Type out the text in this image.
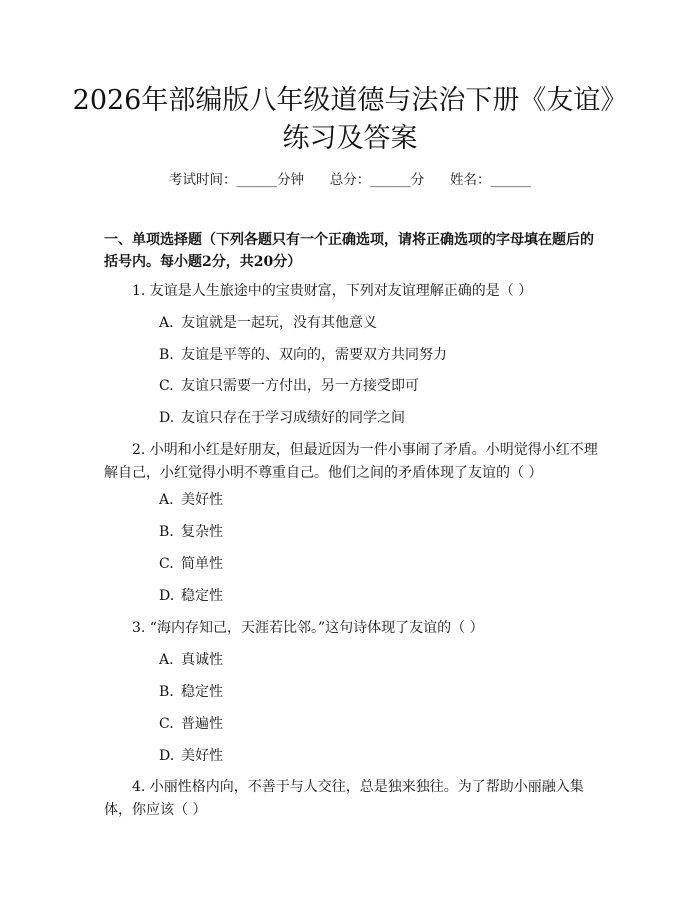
2026年部编版八年级道德与法治下册《友谊》练习及答案
考试时间：______分钟      总分：______分      姓名：______

一、单项选择题（下列各题只有一个正确选项，请将正确选项的字母填在题后的括号内。每小题2分，共20分）

1. 友谊是人生旅途中的宝贵财富，下列对友谊理解正确的是（ ）

A. 友谊就是一起玩，没有其他意义
B. 友谊是平等的、双向的，需要双方共同努力
C. 友谊只需要一方付出，另一方接受即可
D. 友谊只存在于学习成绩好的同学之间

2. 小明和小红是好朋友，但最近因为一件小事闹了矛盾。小明觉得小红不理解自己，小红觉得小明不尊重自己。他们之间的矛盾体现了友谊的（ ）

A. 美好性
B. 复杂性
C. 简单性
D. 稳定性

3. “海内存知己，天涯若比邻。”这句诗体现了友谊的（ ）

A. 真诚性
B. 稳定性
C. 普遍性
D. 美好性

4. 小丽性格内向，不善于与人交往，总是独来独往。为了帮助小丽融入集体，你应该（ ）
